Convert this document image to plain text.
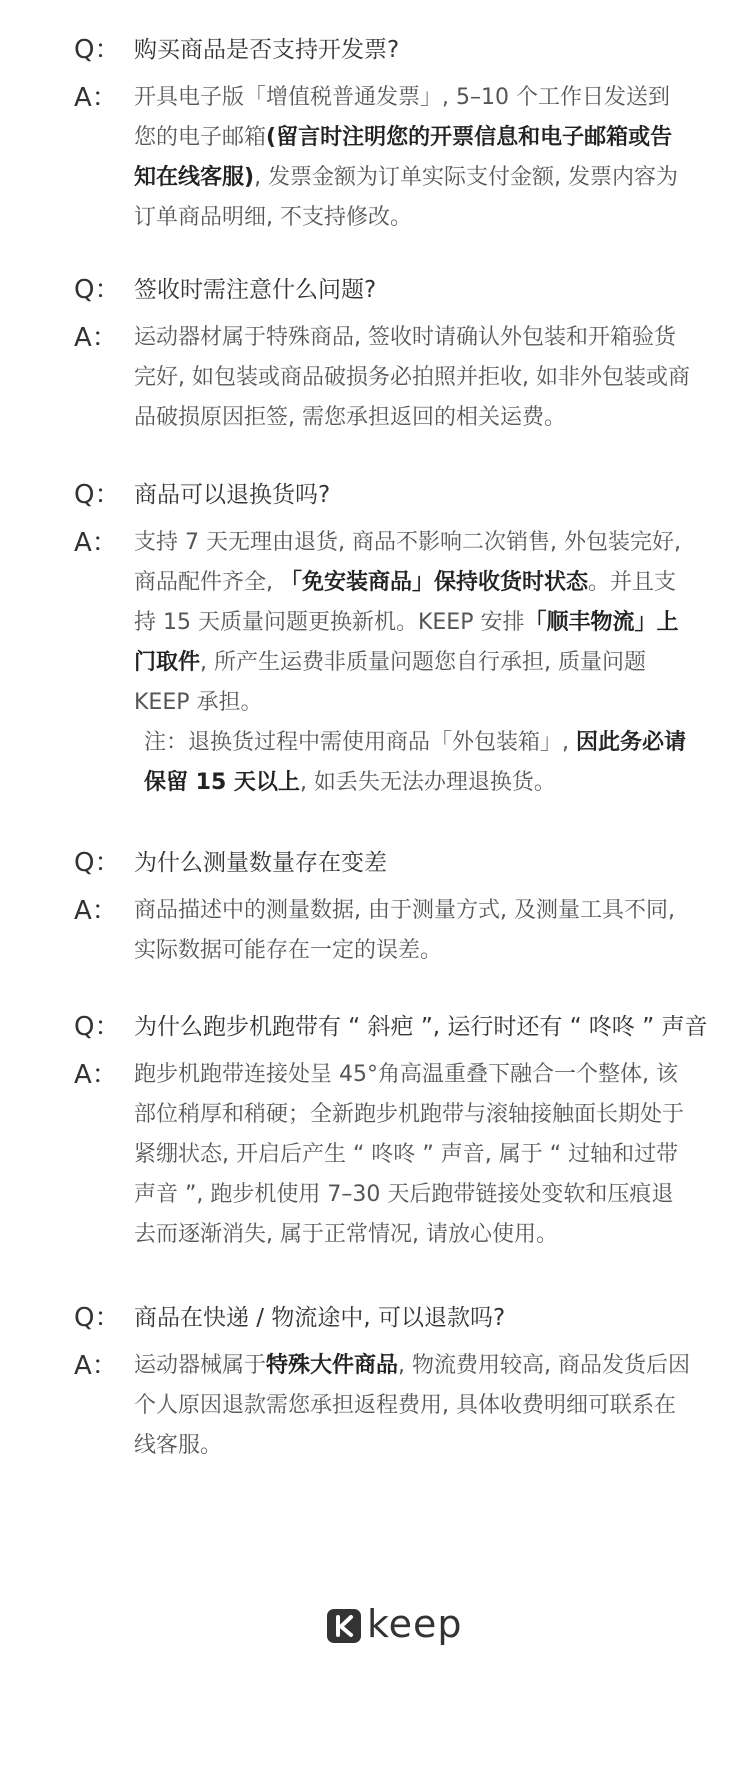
Q： 购买商品是否支持开发票?
A： 开具电子版「增值税普通发票」, 5–10 个工作日发送到您的电子邮箱(留言时注明您的开票信息和电子邮箱或告知在线客服), 发票金额为订单实际支付金额, 发票内容为订单商品明细, 不支持修改。

Q： 签收时需注意什么问题?
A： 运动器材属于特殊商品, 签收时请确认外包装和开箱验货完好, 如包装或商品破损务必拍照并拒收, 如非外包装或商品破损原因拒签, 需您承担返回的相关运费。

Q： 商品可以退换货吗?
A： 支持 7 天无理由退货, 商品不影响二次销售, 外包装完好, 商品配件齐全, 「免安装商品」保持收货时状态。并且支持 15 天质量问题更换新机。KEEP 安排「顺丰物流」上门取件, 所产生运费非质量问题您自行承担, 质量问题 KEEP 承担。

注：退换货过程中需使用商品「外包装箱」, 因此务必请保留 15 天以上, 如丢失无法办理退换货。

Q： 为什么测量数量存在变差
A： 商品描述中的测量数据, 由于测量方式, 及测量工具不同, 实际数据可能存在一定的误差。

Q： 为什么跑步机跑带有 “ 斜疤 ”, 运行时还有 “ 咚咚 ” 声音
A： 跑步机跑带连接处呈 45°角高温重叠下融合一个整体, 该部位稍厚和稍硬；全新跑步机跑带与滚轴接触面长期处于紧绷状态, 开启后产生 “ 咚咚 ” 声音, 属于 “ 过轴和过带声音 ”, 跑步机使用 7–30 天后跑带链接处变软和压痕退去而逐渐消失, 属于正常情况, 请放心使用。

Q： 商品在快递 / 物流途中, 可以退款吗?
A： 运动器械属于特殊大件商品, 物流费用较高, 商品发货后因个人原因退款需您承担返程费用, 具体收费明细可联系在线客服。

keep
